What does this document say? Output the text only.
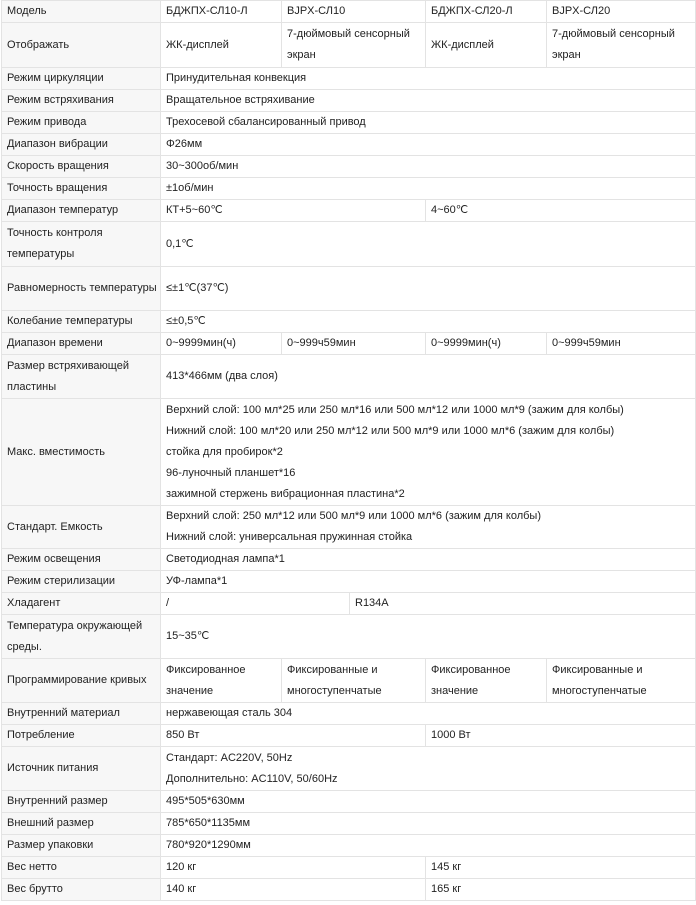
Модель	БДЖПХ-СЛ10-Л	BJPX-СЛ10		БДЖПХ-СЛ20-Л	BJPX-СЛ20
Отображать	ЖК-дисплей	7-дюймовый сенсорный экран		ЖК-дисплей	7-дюймовый сенсорный экран
Режим циркуляции	Принудительная конвекция				
Режим встряхивания	Вращательное встряхивание				
Режим привода	Трехосевой сбалансированный привод				
Диапазон вибрации	Φ26мм				
Скорость вращения	30~300об/мин				
Точность вращения	±1об/мин				
Диапазон температур	КТ+5~60℃			4~60℃	
Точность контроля температуры	0,1℃				
Равномерность температуры	≤±1℃(37℃)				
Колебание температуры	≤±0,5℃				
Диапазон времени	0~9999мин(ч)	0~999ч59мин		0~9999мин(ч)	0~999ч59мин
Размер встряхивающей пластины	413*466мм (два слоя)				
Макс. вместимость	Верхний слой: 100 мл*25 или 250 мл*16 или 500 мл*12 или 1000 мл*9 (зажим для колбы)
Нижний слой: 100 мл*20 или 250 мл*12 или 500 мл*9 или 1000 мл*6 (зажим для колбы)
стойка для пробирок*2
96-луночный планшет*16
зажимной стержень вибрационная пластина*2				

Стандарт. Емкость	Верхний слой: 250 мл*12 или 500 мл*9 или 1000 мл*6 (зажим для колбы)
Нижний слой: универсальная пружинная стойка				

Режим освещения	Светодиодная лампа*1				
Режим стерилизации	УФ-лампа*1				
Хладагент	/		R134A		
Температура окружающей среды.	15~35℃				
Программирование кривых	Фиксированное значение	Фиксированные и многоступенчатые		Фиксированное значение	Фиксированные и многоступенчатые
Внутренний материал	нержавеющая сталь 304				
Потребление	850 Вт			1000 Вт	
Источник питания	Стандарт: AC220V, 50Hz
Дополнительно: AC110V, 50/60Hz				

Внутренний размер	495*505*630мм				
Внешний размер	785*650*1135мм				
Размер упаковки	780*920*1290мм				
Вес нетто	120 кг			145 кг	
Вес брутто	140 кг			165 кг	
